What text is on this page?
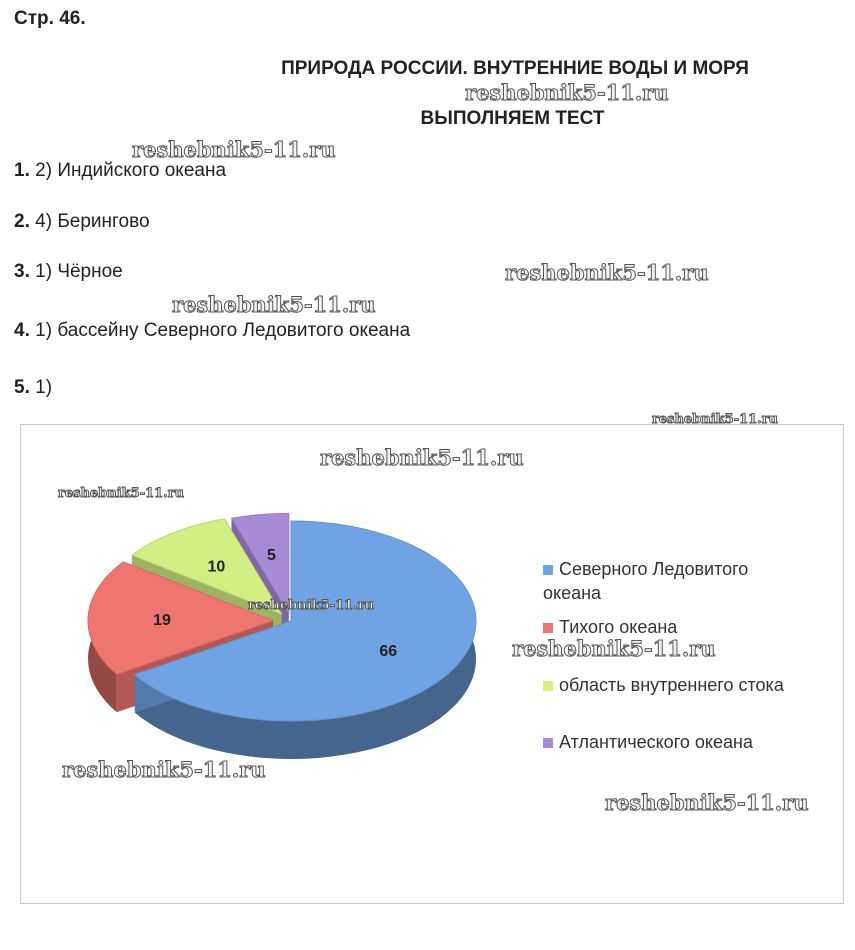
Стр. 46.
ПРИРОДА РОССИИ. ВНУТРЕННИЕ ВОДЫ И МОРЯ
ВЫПОЛНЯЕМ ТЕСТ
1. 2) Индийского океана
2. 4) Берингово
3. 1) Чёрное
4. 1) бассейну Северного Ледовитого океана
5. 1)
66
19
10
5
Северного Ледовитого океана
Тихого океана
область внутреннего стока
Атлантического океана
reshebnik5-11.ru
reshebnik5-11.ru
reshebnik5-11.ru
reshebnik5-11.ru
reshebnik5-11.ru
reshebnik5-11.ru
reshebnik5-11.ru
reshebnik5-11.ru
reshebnik5-11.ru
reshebnik5-11.ru
reshebnik5-11.ru
